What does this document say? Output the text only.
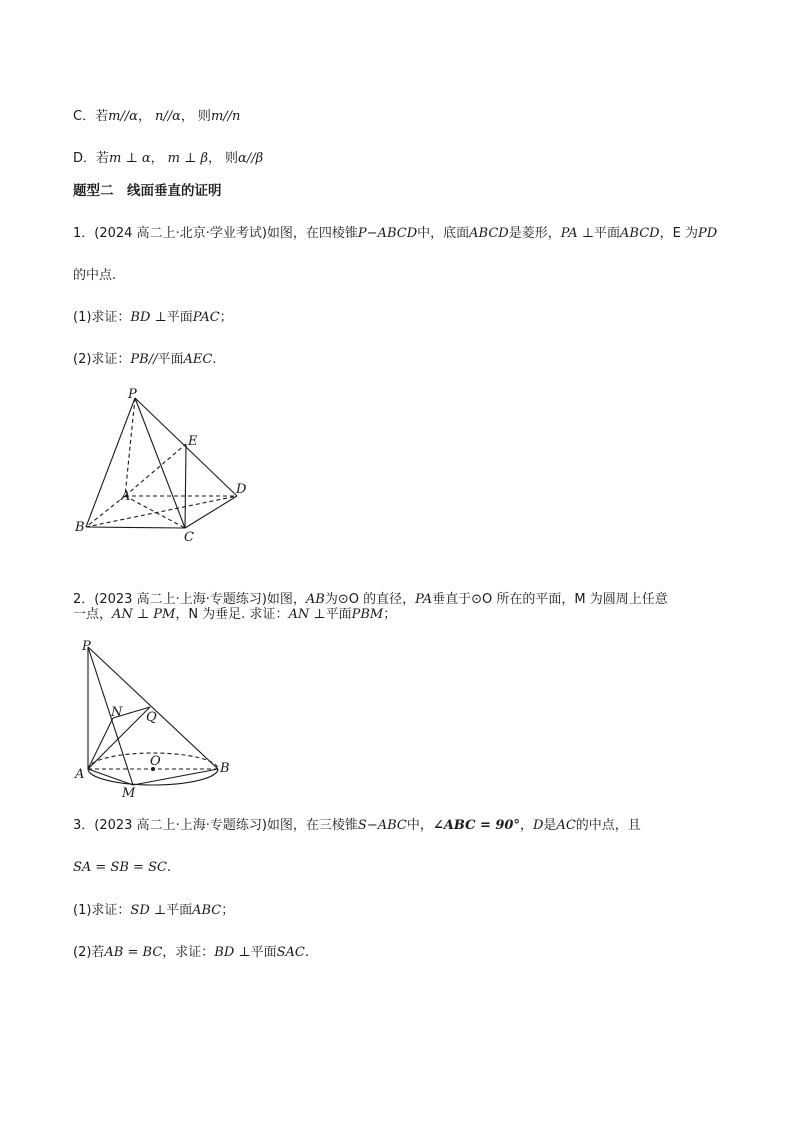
C．若m//α， n//α， 则m//n
D．若m ⊥ α， m ⊥ β， 则α//β
题型二　线面垂直的证明
1．(2024 高二上·北京·学业考试)如图，在四棱锥P−ABCD中，底面ABCD是菱形，PA ⊥平面ABCD，E 为PD
的中点.
(1)求证：BD ⊥平面PAC；
(2)求证：PB//平面AEC.
P
E
A	D
B
C
2．(2023 高二上·上海·专题练习)如图，AB为⊙O 的直径，PA垂直于⊙O 所在的平面，M 为圆周上任意
一点，AN ⊥ PM，N 为垂足. 求证：AN ⊥平面PBM；
P
N Q
O
A	B
M
3．(2023 高二上·上海·专题练习)如图，在三棱锥S−ABC中，∠ABC = 90°，D是AC的中点，且
SA = SB = SC.
(1)求证：SD ⊥平面ABC；
(2)若AB = BC，求证：BD ⊥平面SAC.
